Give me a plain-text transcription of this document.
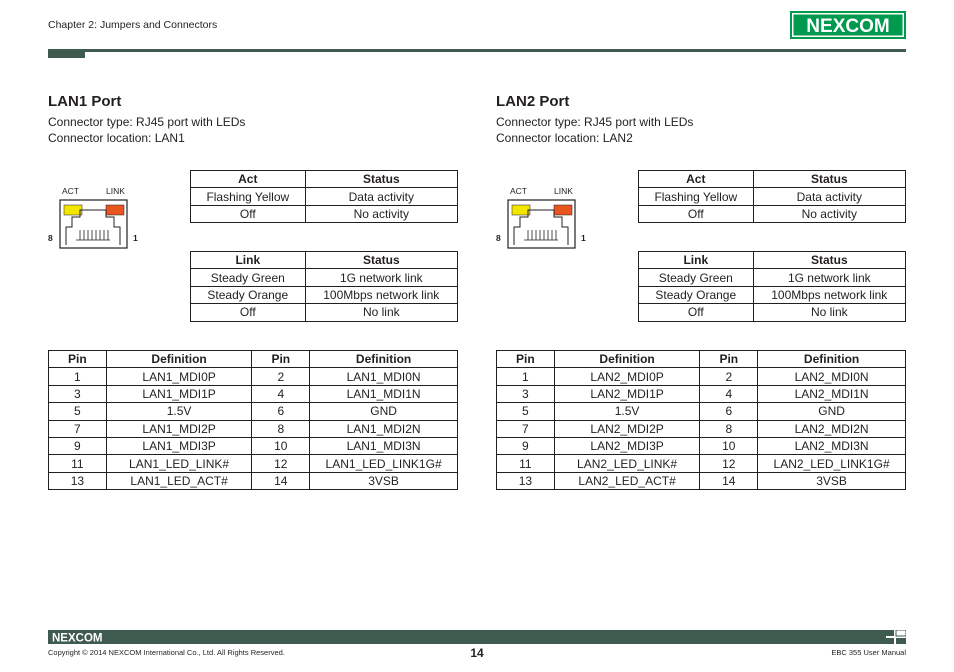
Chapter 2: Jumpers and Connectors	NEXCOM
LAN1 Port
Connector type: RJ45 port with LEDs
Connector location: LAN1
ACT	LINK
8	1
Act	Status
Flashing Yellow	Data activity
Off	No activity
Link	Status
Steady Green	1G network link
Steady Orange	100Mbps network link
Off	No link
Pin	Definition	Pin	Definition
1	LAN1_MDI0P	2	LAN1_MDI0N
3	LAN1_MDI1P	4	LAN1_MDI1N
5	1.5V	6	GND
7	LAN1_MDI2P	8	LAN1_MDI2N
9	LAN1_MDI3P	10	LAN1_MDI3N
11	LAN1_LED_LINK#	12	LAN1_LED_LINK1G#
13	LAN1_LED_ACT#	14	3VSB
LAN2 Port
Connector type: RJ45 port with LEDs
Connector location: LAN2
ACT	LINK
8	1
Act	Status
Flashing Yellow	Data activity
Off	No activity
Link	Status
Steady Green	1G network link
Steady Orange	100Mbps network link
Off	No link
Pin	Definition	Pin	Definition
1	LAN2_MDI0P	2	LAN2_MDI0N
3	LAN2_MDI1P	4	LAN2_MDI1N
5	1.5V	6	GND
7	LAN2_MDI2P	8	LAN2_MDI2N
9	LAN2_MDI3P	10	LAN2_MDI3N
11	LAN2_LED_LINK#	12	LAN2_LED_LINK1G#
13	LAN2_LED_ACT#	14	3VSB
NEXCOM
Copyright © 2014 NEXCOM International Co., Ltd. All Rights Reserved.	14	EBC 355 User Manual
